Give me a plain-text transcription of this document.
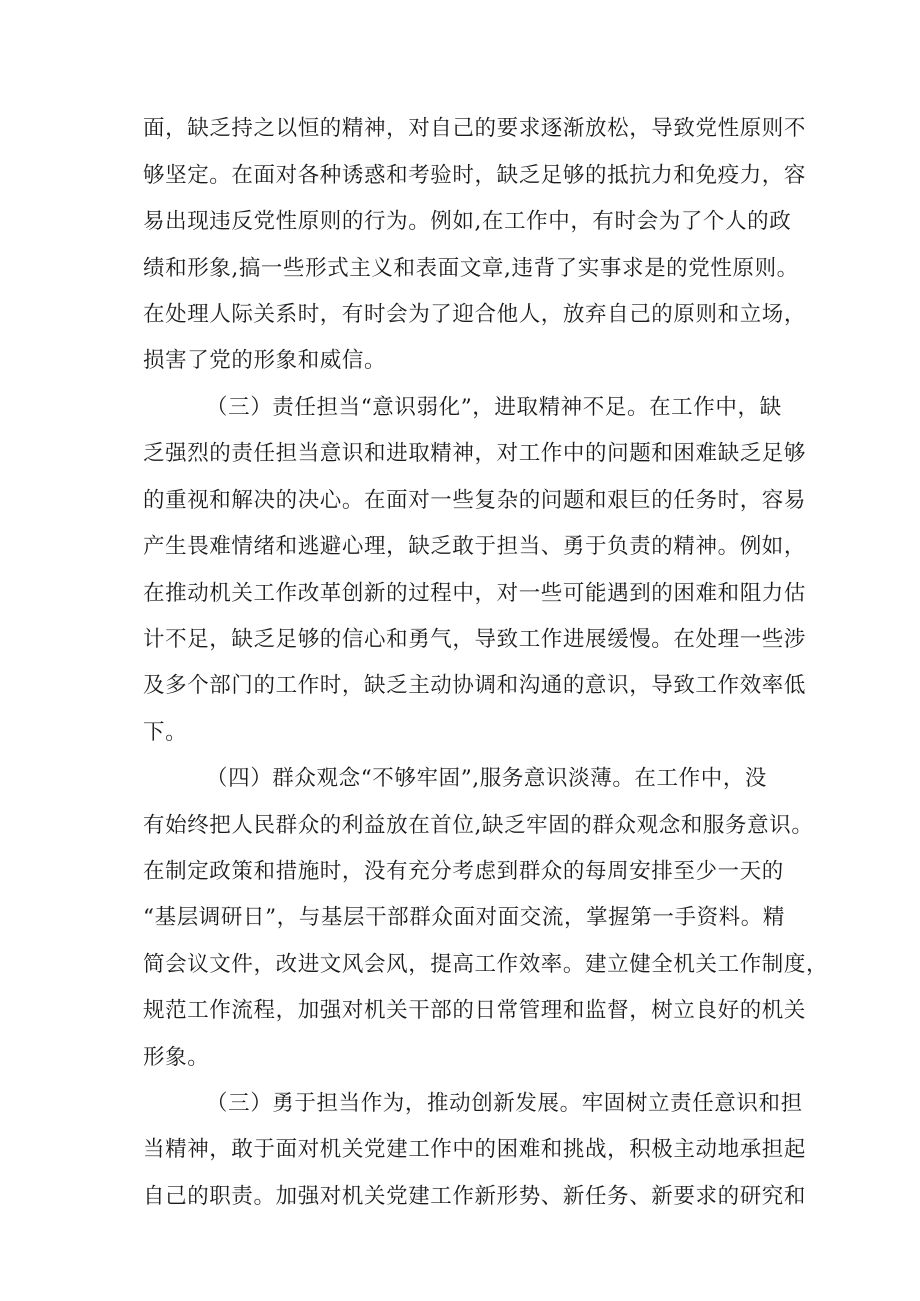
面，缺乏持之以恒的精神，对自己的要求逐渐放松，导致党性原则不
够坚定。在面对各种诱惑和考验时，缺乏足够的抵抗力和免疫力，容
易出现违反党性原则的行为。例如,在工作中，有时会为了个人的政
绩和形象,搞一些形式主义和表面文章,违背了实事求是的党性原则。
在处理人际关系时，有时会为了迎合他人，放弃自己的原则和立场，
损害了党的形象和威信。
（三）责任担当“意识弱化”，进取精神不足。在工作中，缺
乏强烈的责任担当意识和进取精神，对工作中的问题和困难缺乏足够
的重视和解决的决心。在面对一些复杂的问题和艰巨的任务时，容易
产生畏难情绪和逃避心理，缺乏敢于担当、勇于负责的精神。例如，
在推动机关工作改革创新的过程中，对一些可能遇到的困难和阻力估
计不足，缺乏足够的信心和勇气，导致工作进展缓慢。在处理一些涉
及多个部门的工作时，缺乏主动协调和沟通的意识，导致工作效率低
下。
（四）群众观念“不够牢固”,服务意识淡薄。在工作中，没
有始终把人民群众的利益放在首位,缺乏牢固的群众观念和服务意识。
在制定政策和措施时，没有充分考虑到群众的每周安排至少一天的
“基层调研日”，与基层干部群众面对面交流，掌握第一手资料。精
简会议文件，改进文风会风，提高工作效率。建立健全机关工作制度，
规范工作流程，加强对机关干部的日常管理和监督，树立良好的机关
形象。
（三）勇于担当作为，推动创新发展。牢固树立责任意识和担
当精神，敢于面对机关党建工作中的困难和挑战，积极主动地承担起
自己的职责。加强对机关党建工作新形势、新任务、新要求的研究和
